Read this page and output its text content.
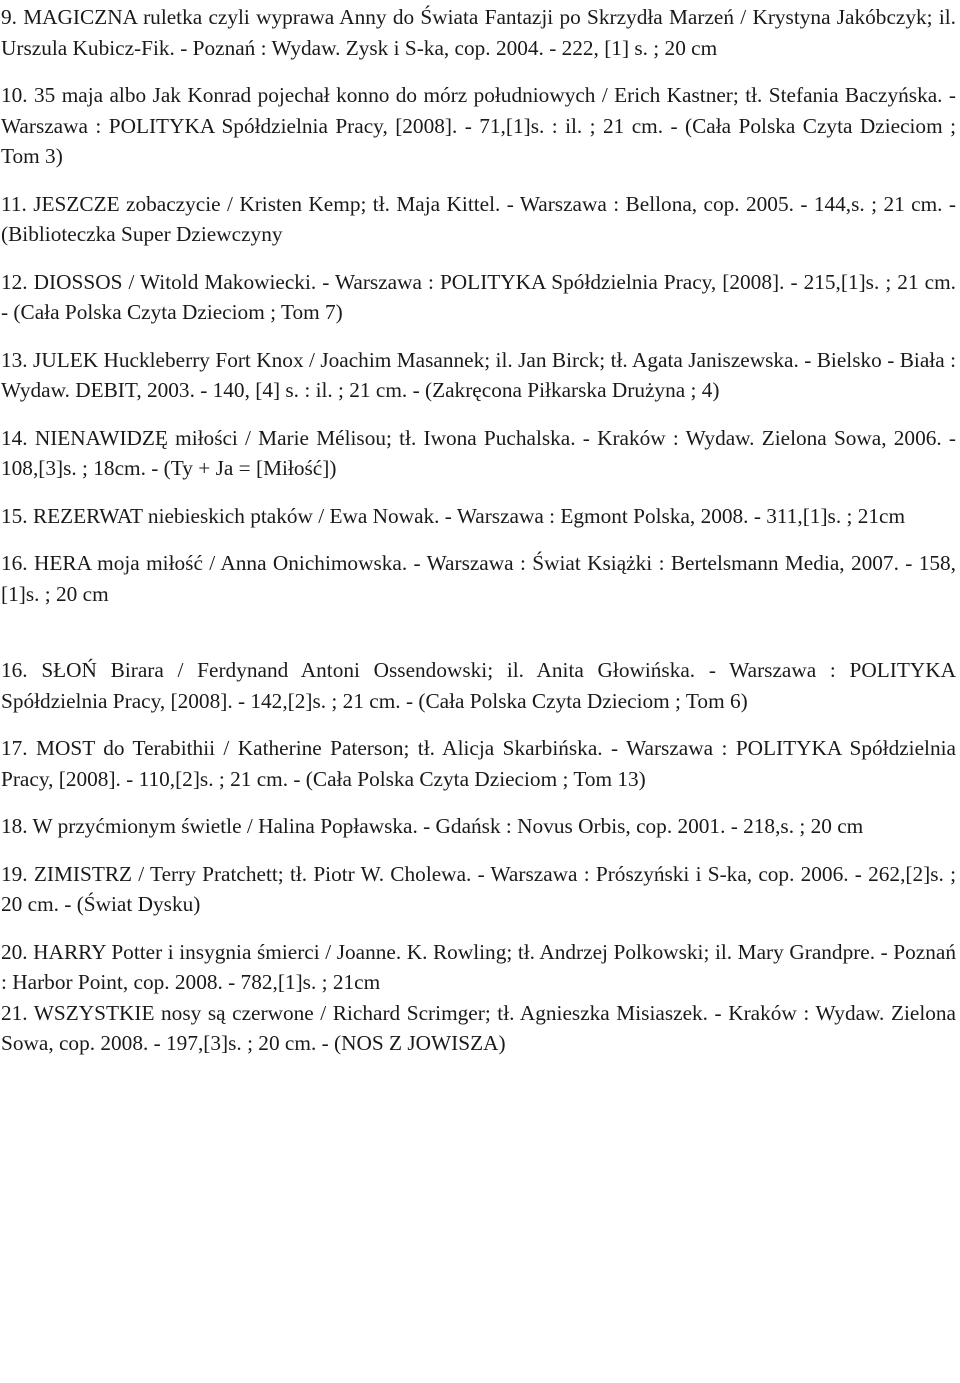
9. MAGICZNA ruletka czyli wyprawa Anny do Świata Fantazji po Skrzydła Marzeń / Krystyna Jakóbczyk; il. Urszula Kubicz-Fik. - Poznań : Wydaw. Zysk i S-ka, cop. 2004. - 222, [1] s. ; 20 cm

10. 35 maja albo Jak Konrad pojechał konno do mórz południowych / Erich Kastner; tł. Stefania Baczyńska. - Warszawa : POLITYKA Spółdzielnia Pracy, [2008]. - 71,[1]s. : il. ; 21 cm. - (Cała Polska Czyta Dzieciom ; Tom 3)

11. JESZCZE zobaczycie / Kristen Kemp; tł. Maja Kittel. - Warszawa : Bellona, cop. 2005. - 144,s. ; 21 cm. - (Biblioteczka Super Dziewczyny

12. DIOSSOS / Witold Makowiecki. - Warszawa : POLITYKA Spółdzielnia Pracy, [2008]. - 215,[1]s. ; 21 cm. - (Cała Polska Czyta Dzieciom ; Tom 7)

13. JULEK Huckleberry Fort Knox / Joachim Masannek; il. Jan Birck; tł. Agata Janiszewska. - Bielsko - Biała : Wydaw. DEBIT, 2003. - 140, [4] s. : il. ; 21 cm. - (Zakręcona Piłkarska Drużyna ; 4)

14. NIENAWIDZĘ miłości / Marie Mélisou; tł. Iwona Puchalska. - Kraków : Wydaw. Zielona Sowa, 2006. - 108,[3]s. ; 18cm. - (Ty + Ja = [Miłość])

15. REZERWAT niebieskich ptaków / Ewa Nowak. - Warszawa : Egmont Polska, 2008. - 311,[1]s. ; 21cm

16. HERA moja miłość / Anna Onichimowska. - Warszawa : Świat Książki : Bertelsmann Media, 2007. - 158,[1]s. ; 20 cm

16. SŁOŃ Birara / Ferdynand Antoni Ossendowski; il. Anita Głowińska. - Warszawa : POLITYKA Spółdzielnia Pracy, [2008]. - 142,[2]s. ; 21 cm. - (Cała Polska Czyta Dzieciom ; Tom 6)

17. MOST do Terabithii / Katherine Paterson; tł. Alicja Skarbińska. - Warszawa : POLITYKA Spółdzielnia Pracy, [2008]. - 110,[2]s. ; 21 cm. - (Cała Polska Czyta Dzieciom ; Tom 13)

18. W przyćmionym świetle / Halina Popławska. - Gdańsk : Novus Orbis, cop. 2001. - 218,s. ; 20 cm

19. ZIMISTRZ / Terry Pratchett; tł. Piotr W. Cholewa. - Warszawa : Prószyński i S-ka, cop. 2006. - 262,[2]s. ; 20 cm. - (Świat Dysku)

20. HARRY Potter i insygnia śmierci / Joanne. K. Rowling; tł. Andrzej Polkowski; il. Mary Grandpre. - Poznań : Harbor Point, cop. 2008. - 782,[1]s. ; 21cm

21. WSZYSTKIE nosy są czerwone / Richard Scrimger; tł. Agnieszka Misiaszek. - Kraków : Wydaw. Zielona Sowa, cop. 2008. - 197,[3]s. ; 20 cm. - (NOS Z JOWISZA)
